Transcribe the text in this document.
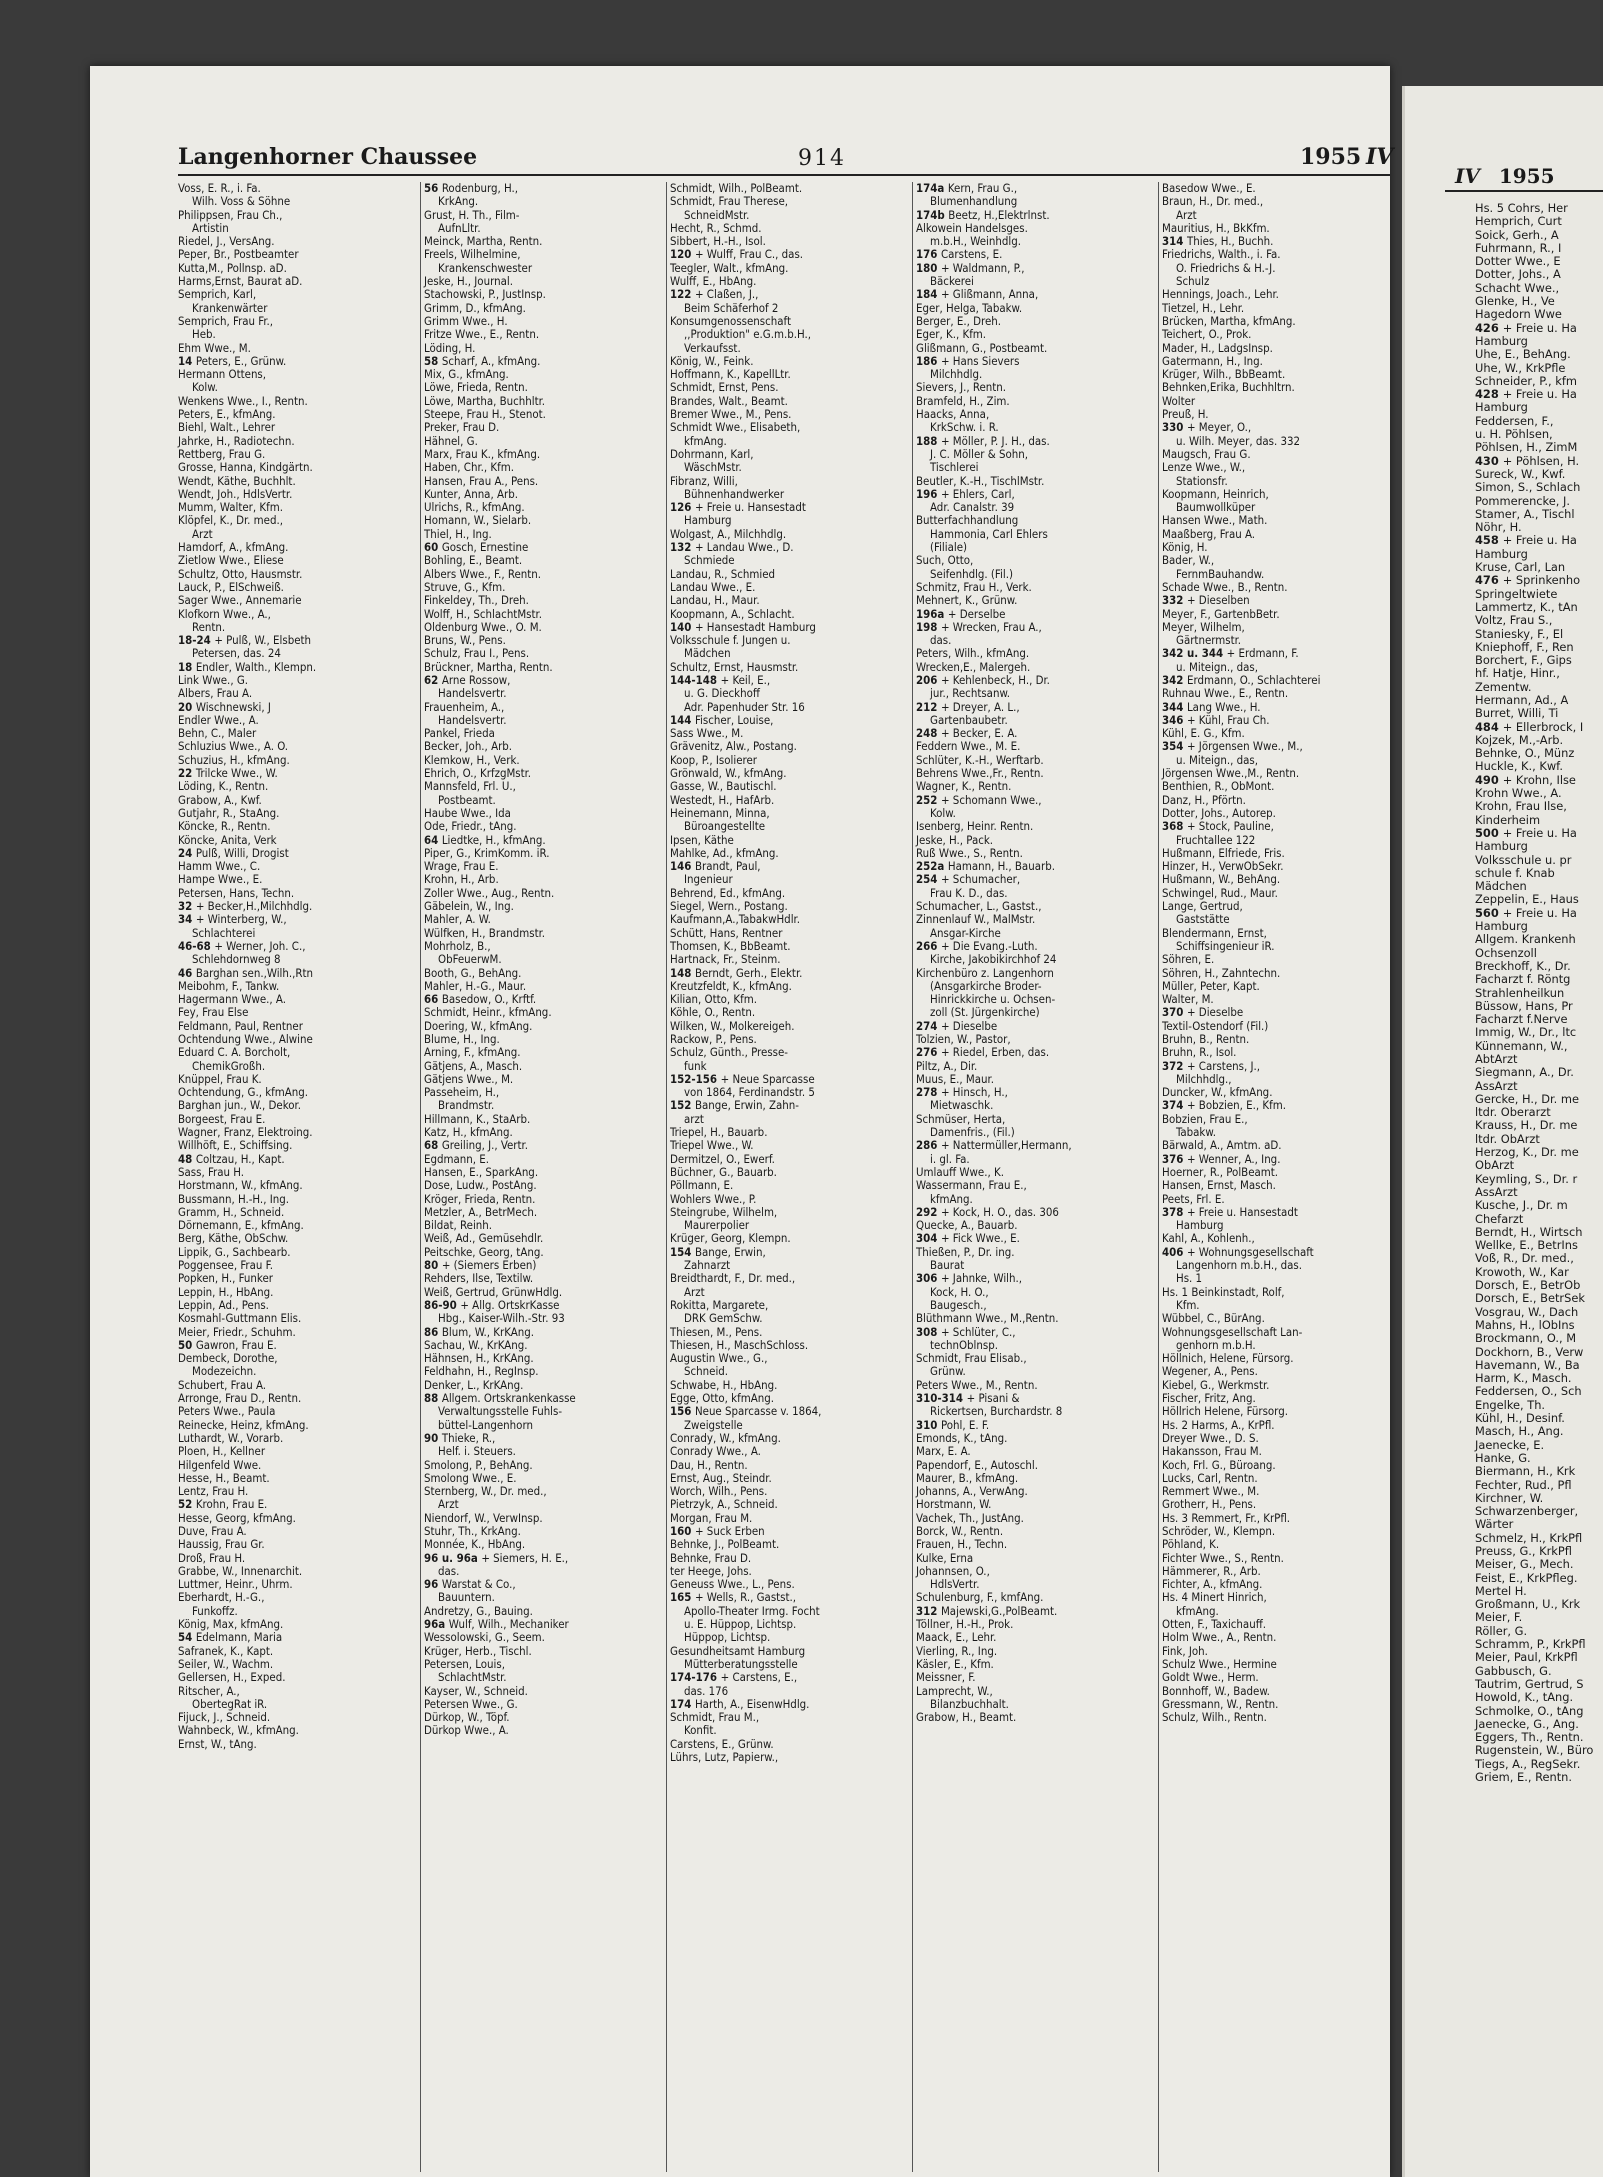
Langenhorner Chaussee	914	1955 IV
Voss, E. R., i. Fa.
Wilh. Voss & Söhne
Philippsen, Frau Ch.,
Artistin
Riedel, J., VersAng.
Peper, Br., Postbeamter
Kutta,M., Pollnsp. aD.
Harms,Ernst, Baurat aD.
Semprich, Karl,
Krankenwärter
Semprich, Frau Fr.,
Heb.
Ehm Wwe., M.
14 Peters, E., Grünw.
Hermann Ottens,
Kolw.
Wenkens Wwe., I., Rentn.
Peters, E., kfmAng.
Biehl, Walt., Lehrer
Jahrke, H., Radiotechn.
Rettberg, Frau G.
Grosse, Hanna, Kindgärtn.
Wendt, Käthe, Buchhlt.
Wendt, Joh., HdlsVertr.
Mumm, Walter, Kfm.
Klöpfel, K., Dr. med.,
Arzt
Hamdorf, A., kfmAng.
Zietlow Wwe., Eliese
Schultz, Otto, Hausmstr.
Lauck, P., ElSchweiß.
Sager Wwe., Annemarie
Klofkorn Wwe., A.,
Rentn.
18-24 + Pulß, W., Elsbeth
Petersen, das. 24
18 Endler, Walth., Klempn.
Link Wwe., G.
Albers, Frau A.
20 Wischnewski, J
Endler Wwe., A.
Behn, C., Maler
Schluzius Wwe., A. O.
Schuzius, H., kfmAng.
22 Trilcke Wwe., W.
Löding, K., Rentn.
Grabow, A., Kwf.
Gutjahr, R., StaAng.
Köncke, R., Rentn.
Köncke, Anita, Verk
24 Pulß, Willi, Drogist
Hamm Wwe., C.
Hampe Wwe., E.
Petersen, Hans, Techn.
32 + Becker,H.,Milchhdlg.
34 + Winterberg, W.,
Schlachterei
46-68 + Werner, Joh. C.,
Schlehdornweg 8
46 Barghan sen.,Wilh.,Rtn
Meibohm, F., Tankw.
Hagermann Wwe., A.
Fey, Frau Else
Feldmann, Paul, Rentner
Ochtendung Wwe., Alwine
Eduard C. A. Borcholt,
ChemikGroßh.
Knüppel, Frau K.
Ochtendung, G., kfmAng.
Barghan jun., W., Dekor.
Borgeest, Frau E.
Wagner, Franz, Elektroing.
Willhöft, E., Schiffsing.
48 Coltzau, H., Kapt.
Sass, Frau H.
Horstmann, W., kfmAng.
Bussmann, H.-H., Ing.
Gramm, H., Schneid.
Dörnemann, E., kfmAng.
Berg, Käthe, ObSchw.
Lippik, G., Sachbearb.
Poggensee, Frau F.
Popken, H., Funker
Leppin, H., HbAng.
Leppin, Ad., Pens.
Kosmahl-Guttmann Elis.
Meier, Friedr., Schuhm.
50 Gawron, Frau E.
Dembeck, Dorothe,
Modezeichn.
Schubert, Frau A.
Arronge, Frau D., Rentn.
Peters Wwe., Paula
Reinecke, Heinz, kfmAng.
Luthardt, W., Vorarb.
Ploen, H., Kellner
Hilgenfeld Wwe.
Hesse, H., Beamt.
Lentz, Frau H.
52 Krohn, Frau E.
Hesse, Georg, kfmAng.
Duve, Frau A.
Haussig, Frau Gr.
Droß, Frau H.
Grabbe, W., Innenarchit.
Luttmer, Heinr., Uhrm.
Eberhardt, H.-G.,
Funkoffz.
König, Max, kfmAng.
54 Edelmann, Maria
Safranek, K., Kapt.
Seiler, W., Wachm.
Gellersen, H., Exped.
Ritscher, A.,
ObertegRat iR.
Fijuck, J., Schneid.
Wahnbeck, W., kfmAng.
Ernst, W., tAng.
56 Rodenburg, H.,
KrkAng.
Grust, H. Th., Film-
AufnLltr.
Meinck, Martha, Rentn.
Freels, Wilhelmine,
Krankenschwester
Jeske, H., Journal.
Stachowski, P., JustInsp.
Grimm, D., kfmAng.
Grimm Wwe., H.
Fritze Wwe., E., Rentn.
Löding, H.
58 Scharf, A., kfmAng.
Mix, G., kfmAng.
Löwe, Frieda, Rentn.
Löwe, Martha, Buchhltr.
Steepe, Frau H., Stenot.
Preker, Frau D.
Hähnel, G.
Marx, Frau K., kfmAng.
Haben, Chr., Kfm.
Hansen, Frau A., Pens.
Kunter, Anna, Arb.
Ulrichs, R., kfmAng.
Homann, W., Sielarb.
Thiel, H., Ing.
60 Gosch, Ernestine
Bohling, E., Beamt.
Albers Wwe., F., Rentn.
Struve, G., Kfm.
Finkeldey, Th., Dreh.
Wolff, H., SchlachtMstr.
Oldenburg Wwe., O. M.
Bruns, W., Pens.
Schulz, Frau I., Pens.
Brückner, Martha, Rentn.
62 Arne Rossow,
Handelsvertr.
Frauenheim, A.,
Handelsvertr.
Pankel, Frieda
Becker, Joh., Arb.
Klemkow, H., Verk.
Ehrich, O., KrfzgMstr.
Mannsfeld, Frl. U.,
Postbeamt.
Haube Wwe., Ida
Ode, Friedr., tAng.
64 Liedtke, H., kfmAng.
Piper, G., KrimKomm. iR.
Wrage, Frau E.
Krohn, H., Arb.
Zoller Wwe., Aug., Rentn.
Gäbelein, W., Ing.
Mahler, A. W.
Wülfken, H., Brandmstr.
Mohrholz, B.,
ObFeuerwM.
Booth, G., BehAng.
Mahler, H.-G., Maur.
66 Basedow, O., Krftf.
Schmidt, Heinr., kfmAng.
Doering, W., kfmAng.
Blume, H., Ing.
Arning, F., kfmAng.
Gätjens, A., Masch.
Gätjens Wwe., M.
Passeheim, H.,
Brandmstr.
Hillmann, K., StaArb.
Katz, H., kfmAng.
68 Greiling, J., Vertr.
Egdmann, E.
Hansen, E., SparkAng.
Dose, Ludw., PostAng.
Kröger, Frieda, Rentn.
Metzler, A., BetrMech.
Bildat, Reinh.
Weiß, Ad., Gemüsehdlr.
Peitschke, Georg, tAng.
80 + (Siemers Erben)
Rehders, Ilse, Textilw.
Weiß, Gertrud, GrünwHdlg.
86-90 + Allg. OrtskrKasse
Hbg., Kaiser-Wilh.-Str. 93
86 Blum, W., KrKAng.
Sachau, W., KrKAng.
Hähnsen, H., KrKAng.
Feldhahn, H., RegInsp.
Denker, L., KrKAng.
88 Allgem. Ortskrankenkasse
Verwaltungsstelle Fuhls-
büttel-Langenhorn
90 Thieke, R.,
Helf. i. Steuers.
Smolong, P., BehAng.
Smolong Wwe., E.
Sternberg, W., Dr. med.,
Arzt
Niendorf, W., VerwInsp.
Stuhr, Th., KrkAng.
Monnée, K., HbAng.
96 u. 96a + Siemers, H. E.,
das.
96 Warstat & Co.,
Bauuntern.
Andretzy, G., Bauing.
96a Wulf, Wilh., Mechaniker
Wessolowski, G., Seem.
Krüger, Herb., Tischl.
Petersen, Louis,
SchlachtMstr.
Kayser, W., Schneid.
Petersen Wwe., G.
Dürkop, W., Töpf.
Dürkop Wwe., A.
Schmidt, Wilh., PolBeamt.
Schmidt, Frau Therese,
SchneidMstr.
Hecht, R., Schmd.
Sibbert, H.-H., Isol.
120 + Wulff, Frau C., das.
Teegler, Walt., kfmAng.
Wulff, E., HbAng.
122 + Claßen, J.,
Beim Schäferhof 2
Konsumgenossenschaft
,,Produktion" e.G.m.b.H.,
Verkaufsst.
König, W., Feink.
Hoffmann, K., KapellLtr.
Schmidt, Ernst, Pens.
Brandes, Walt., Beamt.
Bremer Wwe., M., Pens.
Schmidt Wwe., Elisabeth,
kfmAng.
Dohrmann, Karl,
WäschMstr.
Fibranz, Willi,
Bühnenhandwerker
126 + Freie u. Hansestadt
Hamburg
Wolgast, A., Milchhdlg.
132 + Landau Wwe., D.
Schmiede
Landau, R., Schmied
Landau Wwe., E.
Landau, H., Maur.
Koopmann, A., Schlacht.
140 + Hansestadt Hamburg
Volksschule f. Jungen u.
Mädchen
Schultz, Ernst, Hausmstr.
144-148 + Keil, E.,
u. G. Dieckhoff
Adr. Papenhuder Str. 16
144 Fischer, Louise,
Sass Wwe., M.
Grävenitz, Alw., Postang.
Koop, P., Isolierer
Grönwald, W., kfmAng.
Gasse, W., Bautischl.
Westedt, H., HafArb.
Heinemann, Minna,
Büroangestellte
Ipsen, Käthe
Mahlke, Ad., kfmAng.
146 Brandt, Paul,
Ingenieur
Behrend, Ed., kfmAng.
Siegel, Wern., Postang.
Kaufmann,A.,TabakwHdlr.
Schütt, Hans, Rentner
Thomsen, K., BbBeamt.
Hartnack, Fr., Steinm.
148 Berndt, Gerh., Elektr.
Kreutzfeldt, K., kfmAng.
Kilian, Otto, Kfm.
Köhle, O., Rentn.
Wilken, W., Molkereigeh.
Rackow, P., Pens.
Schulz, Günth., Presse-
funk
152-156 + Neue Sparcasse
von 1864, Ferdinandstr. 5
152 Bange, Erwin, Zahn-
arzt
Triepel, H., Bauarb.
Triepel Wwe., W.
Dermitzel, O., Ewerf.
Büchner, G., Bauarb.
Pöllmann, E.
Wohlers Wwe., P.
Steingrube, Wilhelm,
Maurerpolier
Krüger, Georg, Klempn.
154 Bange, Erwin,
Zahnarzt
Breidthardt, F., Dr. med.,
Arzt
Rokitta, Margarete,
DRK GemSchw.
Thiesen, M., Pens.
Thiesen, H., MaschSchloss.
Augustin Wwe., G.,
Schneid.
Schwabe, H., HbAng.
Egge, Otto, kfmAng.
156 Neue Sparcasse v. 1864,
Zweigstelle
Conrady, W., kfmAng.
Conrady Wwe., A.
Dau, H., Rentn.
Ernst, Aug., Steindr.
Worch, Wilh., Pens.
Pietrzyk, A., Schneid.
Morgan, Frau M.
160 + Suck Erben
Behnke, J., PolBeamt.
Behnke, Frau D.
ter Heege, Johs.
Geneuss Wwe., L., Pens.
165 + Wells, R., Gastst.,
Apollo-Theater Irmg. Focht
u. E. Hüppop, Lichtsp.
Hüppop, Lichtsp.
Gesundheitsamt Hamburg
Mütterberatungsstelle
174-176 + Carstens, E.,
das. 176
174 Harth, A., EisenwHdlg.
Schmidt, Frau M.,
Konfit.
Carstens, E., Grünw.
Lührs, Lutz, Papierw.,
174a Kern, Frau G.,
Blumenhandlung
174b Beetz, H.,Elektrlnst.
Alkowein Handelsges.
m.b.H., Weinhdlg.
176 Carstens, E.
180 + Waldmann, P.,
Bäckerei
184 + Glißmann, Anna,
Eger, Helga, Tabakw.
Berger, E., Dreh.
Eger, K., Kfm.
Glißmann, G., Postbeamt.
186 + Hans Sievers
Milchhdlg.
Sievers, J., Rentn.
Bramfeld, H., Zim.
Haacks, Anna,
KrkSchw. i. R.
188 + Möller, P. J. H., das.
J. C. Möller & Sohn,
Tischlerei
Beutler, K.-H., TischlMstr.
196 + Ehlers, Carl,
Adr. Canalstr. 39
Butterfachhandlung
Hammonia, Carl Ehlers
(Filiale)
Such, Otto,
Seifenhdlg. (Fil.)
Schmitz, Frau H., Verk.
Mehnert, K., Grünw.
196a + Derselbe
198 + Wrecken, Frau A.,
das.
Peters, Wilh., kfmAng.
Wrecken,E., Malergeh.
206 + Kehlenbeck, H., Dr.
jur., Rechtsanw.
212 + Dreyer, A. L.,
Gartenbaubetr.
248 + Becker, E. A.
Feddern Wwe., M. E.
Schlüter, K.-H., Werftarb.
Behrens Wwe.,Fr., Rentn.
Wagner, K., Rentn.
252 + Schomann Wwe.,
Kolw.
Isenberg, Heinr. Rentn.
Jeske, H., Pack.
Ruß Wwe., S., Rentn.
252a Hamann, H., Bauarb.
254 + Schumacher,
Frau K. D., das.
Schumacher, L., Gastst.,
Zinnenlauf W., MalMstr.
Ansgar-Kirche
266 + Die Evang.-Luth.
Kirche, Jakobikirchhof 24
Kirchenbüro z. Langenhorn
(Ansgarkirche Broder-
Hinrickkirche u. Ochsen-
zoll (St. Jürgenkirche)
274 + Dieselbe
Tolzien, W., Pastor,
276 + Riedel, Erben, das.
Piltz, A., Dir.
Muus, E., Maur.
278 + Hinsch, H.,
Mietwaschk.
Schmüser, Herta,
Damenfris., (Fil.)
286 + Nattermüller,Hermann,
i. gl. Fa.
Umlauff Wwe., K.
Wassermann, Frau E.,
kfmAng.
292 + Kock, H. O., das. 306
Quecke, A., Bauarb.
304 + Fick Wwe., E.
Thießen, P., Dr. ing.
Baurat
306 + Jahnke, Wilh.,
Kock, H. O.,
Baugesch.,
Blüthmann Wwe., M.,Rentn.
308 + Schlüter, C.,
technOblnsp.
Schmidt, Frau Elisab.,
Grünw.
Peters Wwe., M., Rentn.
310-314 + Pisani &
Rickertsen, Burchardstr. 8
310 Pohl, E. F.
Emonds, K., tAng.
Marx, E. A.
Papendorf, E., Autoschl.
Maurer, B., kfmAng.
Johanns, A., VerwAng.
Horstmann, W.
Vachek, Th., JustAng.
Borck, W., Rentn.
Frauen, H., Techn.
Kulke, Erna
Johannsen, O.,
HdlsVertr.
Schulenburg, F., kmfAng.
312 Majewski,G.,PolBeamt.
Töllner, H.-H., Prok.
Maack, E., Lehr.
Vierling, R., Ing.
Käsler, E., Kfm.
Meissner, F.
Lamprecht, W.,
Bilanzbuchhalt.
Grabow, H., Beamt.
Basedow Wwe., E.
Braun, H., Dr. med.,
Arzt
Mauritius, H., BkKfm.
314 Thies, H., Buchh.
Friedrichs, Walth., i. Fa.
O. Friedrichs & H.-J.
Schulz
Hennings, Joach., Lehr.
Tietzel, H., Lehr.
Brücken, Martha, kfmAng.
Teichert, O., Prok.
Mader, H., LadgsInsp.
Gatermann, H., Ing.
Krüger, Wilh., BbBeamt.
Behnken,Erika, Buchhltrn.
Wolter
Preuß, H.
330 + Meyer, O.,
u. Wilh. Meyer, das. 332
Maugsch, Frau G.
Lenze Wwe., W.,
Stationsfr.
Koopmann, Heinrich,
Baumwollküper
Hansen Wwe., Math.
Maaßberg, Frau A.
König, H.
Bader, W.,
FernmBauhandw.
Schade Wwe., B., Rentn.
332 + Dieselben
Meyer, F., GartenbBetr.
Meyer, Wilhelm,
Gärtnermstr.
342 u. 344 + Erdmann, F.
u. Miteign., das,
342 Erdmann, O., Schlachterei
Ruhnau Wwe., E., Rentn.
344 Lang Wwe., H.
346 + Kühl, Frau Ch.
Kühl, E. G., Kfm.
354 + Jörgensen Wwe., M.,
u. Miteign., das,
Jörgensen Wwe.,M., Rentn.
Benthien, R., ObMont.
Danz, H., Pförtn.
Dotter, Johs., Autorep.
368 + Stock, Pauline,
Fruchtallee 122
Hußmann, Elfriede, Fris.
Hinzer, H., VerwObSekr.
Hußmann, W., BehAng.
Schwingel, Rud., Maur.
Lange, Gertrud,
Gaststätte
Blendermann, Ernst,
Schiffsingenieur iR.
Söhren, E.
Söhren, H., Zahntechn.
Müller, Peter, Kapt.
Walter, M.
370 + Dieselbe
Textil-Ostendorf (Fil.)
Bruhn, B., Rentn.
Bruhn, R., Isol.
372 + Carstens, J.,
Milchhdlg.,
Duncker, W., kfmAng.
374 + Bobzien, E., Kfm.
Bobzien, Frau E.,
Tabakw.
Bärwald, A., Amtm. aD.
376 + Wenner, A., Ing.
Hoerner, R., PolBeamt.
Hansen, Ernst, Masch.
Peets, Frl. E.
378 + Freie u. Hansestadt
Hamburg
Kahl, A., Kohlenh.,
406 + Wohnungsgesellschaft
Langenhorn m.b.H., das.
Hs. 1
Hs. 1 Beinkinstadt, Rolf,
Kfm.
Wübbel, C., BürAng.
Wohnungsgesellschaft Lan-
genhorn m.b.H.
Höllnich, Helene, Fürsorg.
Wegener, A., Pens.
Kiebel, G., Werkmstr.
Fischer, Fritz, Ang.
Höllrich Helene, Fürsorg.
Hs. 2 Harms, A., KrPfl.
Dreyer Wwe., D. S.
Hakansson, Frau M.
Koch, Frl. G., Büroang.
Lucks, Carl, Rentn.
Remmert Wwe., M.
Grotherr, H., Pens.
Hs. 3 Remmert, Fr., KrPfl.
Schröder, W., Klempn.
Pöhland, K.
Fichter Wwe., S., Rentn.
Hämmerer, R., Arb.
Fichter, A., kfmAng.
Hs. 4 Minert Hinrich,
kfmAng.
Otten, F., Taxichauff.
Holm Wwe., A., Rentn.
Fink, Joh.
Schulz Wwe., Hermine
Goldt Wwe., Herm.
Bonnhoff, W., Badew.
Gressmann, W., Rentn.
Schulz, Wilh., Rentn.
IV 1955
Hs. 5 Cohrs, Her
Hemprich, Curt
Soick, Gerh., A
Fuhrmann, R., I
Dotter Wwe., E
Dotter, Johs., A
Schacht Wwe.,
Glenke, H., Ve
Hagedorn Wwe
426 + Freie u. Ha
Hamburg
Uhe, E., BehAng.
Uhe, W., KrkPfle
Schneider, P., kfm
428 + Freie u. Ha
Hamburg
Feddersen, F.,
u. H. Pöhlsen,
Pöhlsen, H., ZimM
430 + Pöhlsen, H.
Sureck, W., Kwf.
Simon, S., Schlach
Pommerencke, J.
Stamer, A., Tischl
Nöhr, H.
458 + Freie u. Ha
Hamburg
Kruse, Carl, Lan
476 + Sprinkenho
Springeltwiete
Lammertz, K., tAn
Voltz, Frau S.,
Staniesky, F., El
Kniephoff, F., Ren
Borchert, F., Gips
hf. Hatje, Hinr.,
Zementw.
Hermann, Ad., A
Burret, Willi, Ti
484 + Ellerbrock, I
Kojzek, M.,-Arb.
Behnke, O., Münz
Huckle, K., Kwf.
490 + Krohn, Ilse
Krohn Wwe., A.
Krohn, Frau Ilse,
Kinderheim
500 + Freie u. Ha
Hamburg
Volksschule u. pr
schule f. Knab
Mädchen
Zeppelin, E., Haus
560 + Freie u. Ha
Hamburg
Allgem. Krankenh
Ochsenzoll
Breckhoff, K., Dr.
Facharzt f. Röntg
Strahlenheilkun
Büssow, Hans, Pr
Facharzt f.Nerve
Immig, W., Dr., ltc
Künnemann, W.,
AbtArzt
Siegmann, A., Dr.
AssArzt
Gercke, H., Dr. me
ltdr. Oberarzt
Krauss, H., Dr. me
ltdr. ObArzt
Herzog, K., Dr. me
ObArzt
Keymling, S., Dr. r
AssArzt
Kusche, J., Dr. m
Chefarzt
Berndt, H., Wirtsch
Wellke, E., BetrIns
Voß, R., Dr. med.,
Krowoth, W., Kar
Dorsch, E., BetrOb
Dorsch, E., BetrSek
Vosgrau, W., Dach
Mahns, H., lObIns
Brockmann, O., M
Dockhorn, B., Verw
Havemann, W., Ba
Harm, K., Masch.
Feddersen, O., Sch
Engelke, Th.
Kühl, H., Desinf.
Masch, H., Ang.
Jaenecke, E.
Hanke, G.
Biermann, H., Krk
Fechter, Rud., Pfl
Kirchner, W.
Schwarzenberger,
Wärter
Schmelz, H., KrkPfl
Preuss, G., KrkPfl
Meiser, G., Mech.
Feist, E., KrkPfleg.
Mertel H.
Großmann, U., Krk
Meier, F.
Röller, G.
Schramm, P., KrkPfl
Meier, Paul, KrkPfl
Gabbusch, G.
Tautrim, Gertrud, S
Howold, K., tAng.
Schmolke, O., tAng
Jaenecke, G., Ang.
Eggers, Th., Rentn.
Rugenstein, W., Büro
Tiegs, A., RegSekr.
Griem, E., Rentn.
